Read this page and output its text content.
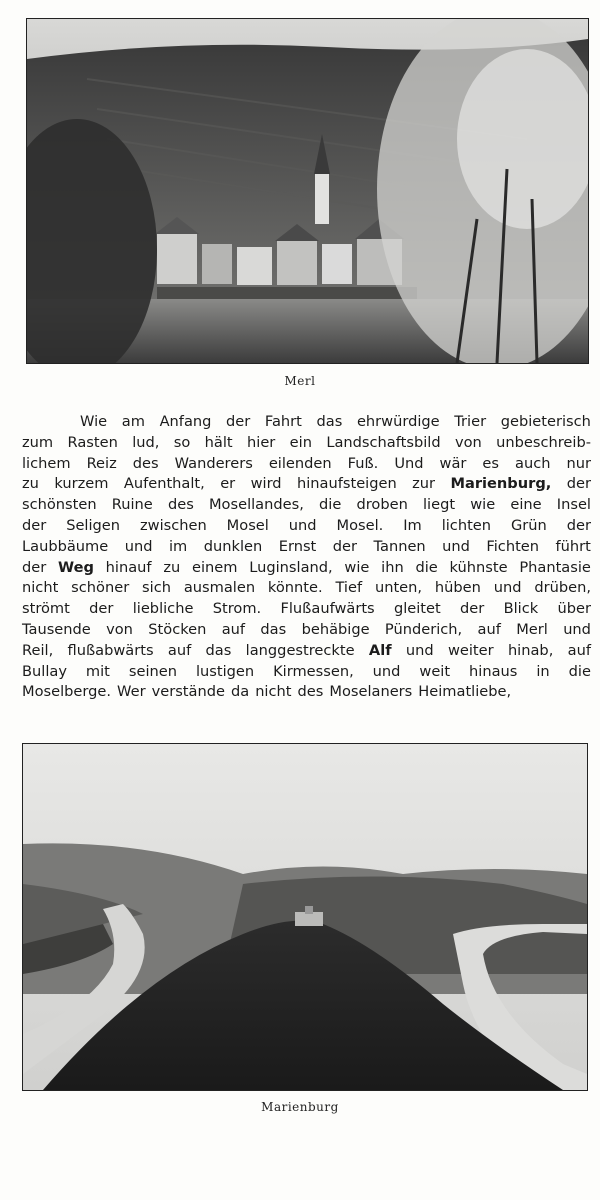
Merl
Wie am Anfang der Fahrt das ehrwürdige Trier gebieterisch
zum Rasten lud, so hält hier ein Landschaftsbild von unbeschreib-
lichem Reiz des Wanderers eilenden Fuß. Und wär es auch nur
zu kurzem Aufenthalt, er wird hinaufsteigen zur Marienburg, der
schönsten Ruine des Mosellandes, die droben liegt wie eine Insel
der Seligen zwischen Mosel und Mosel. Im lichten Grün der
Laubbäume und im dunklen Ernst der Tannen und Fichten führt
der Weg hinauf zu einem Luginsland, wie ihn die kühnste Phantasie
nicht schöner sich ausmalen könnte. Tief unten, hüben und drüben,
strömt der liebliche Strom. Flußaufwärts gleitet der Blick über
Tausende von Stöcken auf das behäbige Pünderich, auf Merl und
Reil, flußabwärts auf das langgestreckte Alf und weiter hinab, auf
Bullay mit seinen lustigen Kirmessen, und weit hinaus in die
Moselberge. Wer verstände da nicht des Moselaners Heimatliebe,
Marienburg
